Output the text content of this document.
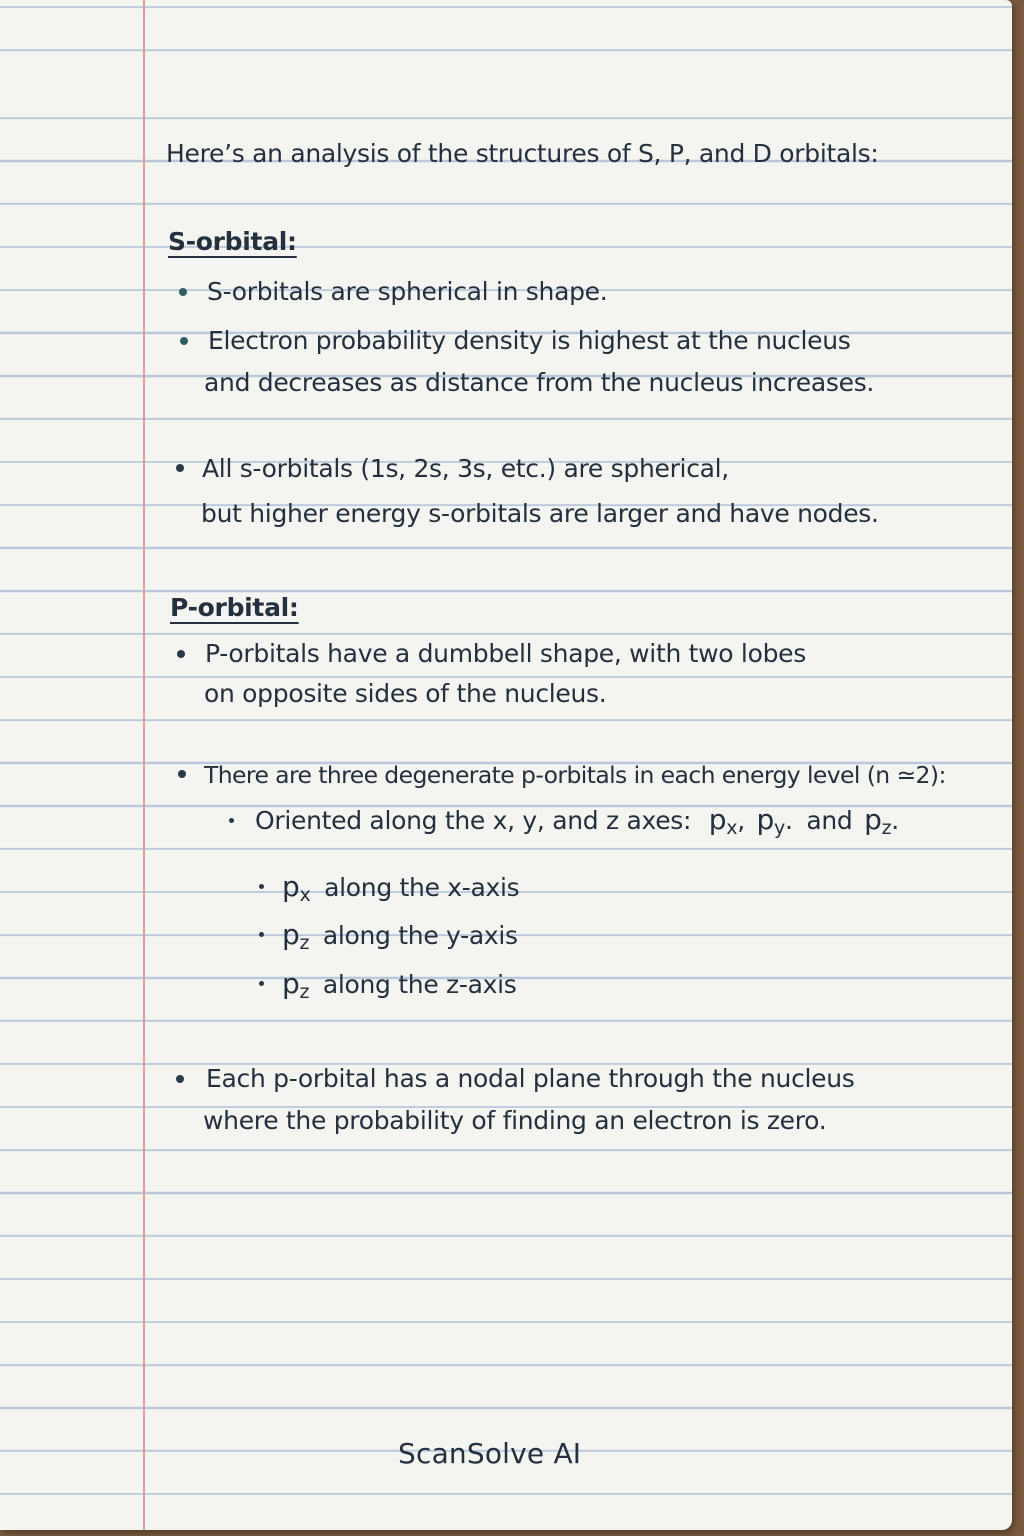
Here’s an analysis of the structures of S, P, and D orbitals:

S-orbital:

S-orbitals are spherical in shape.

Electron probability density is highest at the nucleus

and decreases as distance from the nucleus increases.

All s-orbitals (1s, 2s, 3s, etc.) are spherical,

but higher energy s-orbitals are larger and have nodes.

P-orbital:

P-orbitals have a dumbbell shape, with two lobes

on opposite sides of the nucleus.

There are three degenerate p-orbitals in each energy level (n ≃2):

Oriented along the x, y, and z axes: px, py. and pz.

px along the x-axis

pz along the y-axis

pz along the z-axis

Each p-orbital has a nodal plane through the nucleus

where the probability of finding an electron is zero.

ScanSolve AI
